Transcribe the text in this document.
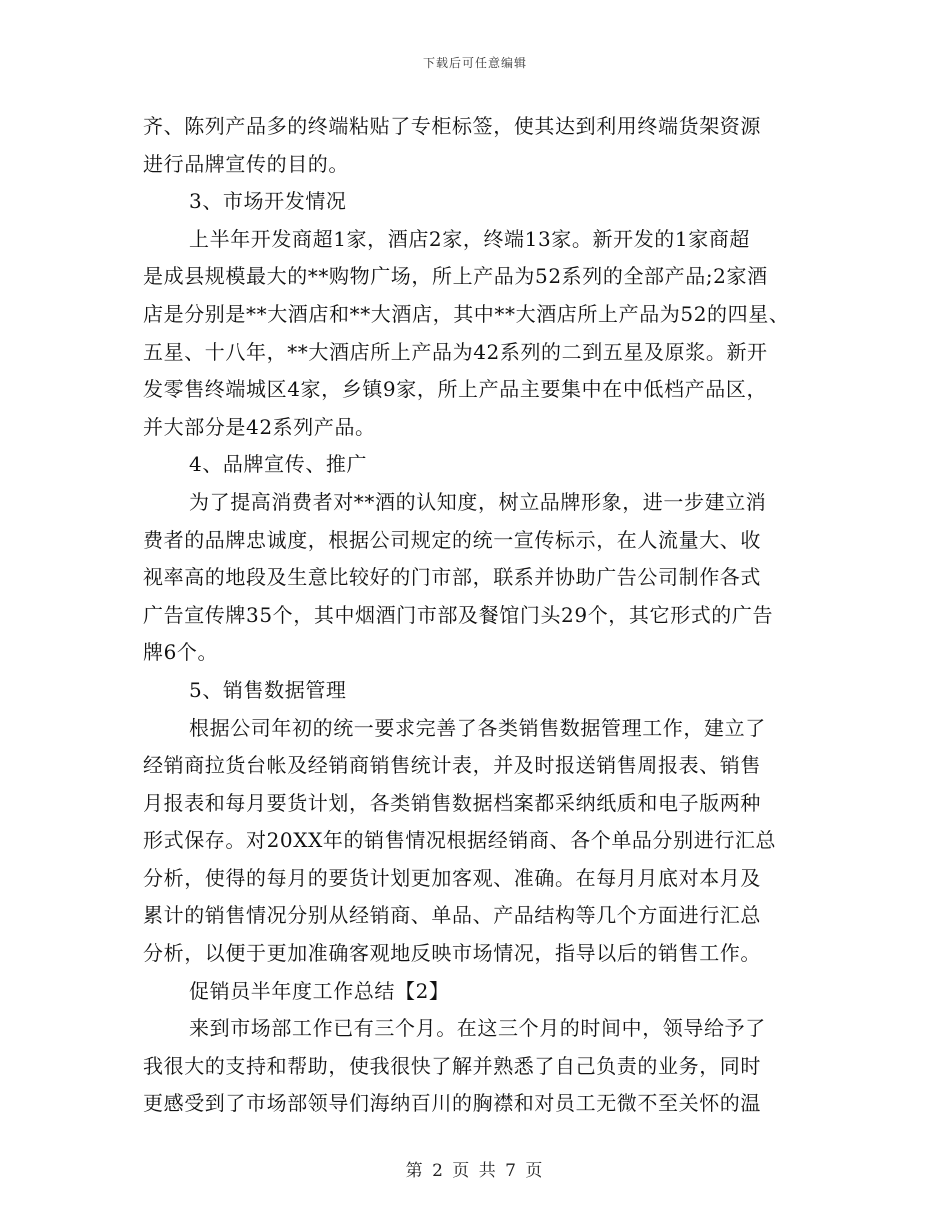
下载后可任意编辑

齐、陈列产品多的终端粘贴了专柜标签，使其达到利用终端货架资源

进行品牌宣传的目的。

3、市场开发情况

上半年开发商超1家，酒店2家，终端13家。新开发的1家商超

是成县规模最大的**购物广场，所上产品为52系列的全部产品;2家酒

店是分别是**大酒店和**大酒店，其中**大酒店所上产品为52的四星、

五星、十八年，**大酒店所上产品为42系列的二到五星及原浆。新开

发零售终端城区4家，乡镇9家，所上产品主要集中在中低档产品区，

并大部分是42系列产品。

4、品牌宣传、推广

为了提高消费者对**酒的认知度，树立品牌形象，进一步建立消

费者的品牌忠诚度，根据公司规定的统一宣传标示，在人流量大、收

视率高的地段及生意比较好的门市部，联系并协助广告公司制作各式

广告宣传牌35个，其中烟酒门市部及餐馆门头29个，其它形式的广告

牌6个。

5、销售数据管理

根据公司年初的统一要求完善了各类销售数据管理工作，建立了

经销商拉货台帐及经销商销售统计表，并及时报送销售周报表、销售

月报表和每月要货计划，各类销售数据档案都采纳纸质和电子版两种

形式保存。对20XX年的销售情况根据经销商、各个单品分别进行汇总

分析，使得的每月的要货计划更加客观、准确。在每月月底对本月及

累计的销售情况分别从经销商、单品、产品结构等几个方面进行汇总

分析，以便于更加准确客观地反映市场情况，指导以后的销售工作。

促销员半年度工作总结【2】

来到市场部工作已有三个月。在这三个月的时间中，领导给予了

我很大的支持和帮助，使我很快了解并熟悉了自己负责的业务，同时

更感受到了市场部领导们海纳百川的胸襟和对员工无微不至关怀的温

第 2 页 共 7 页
